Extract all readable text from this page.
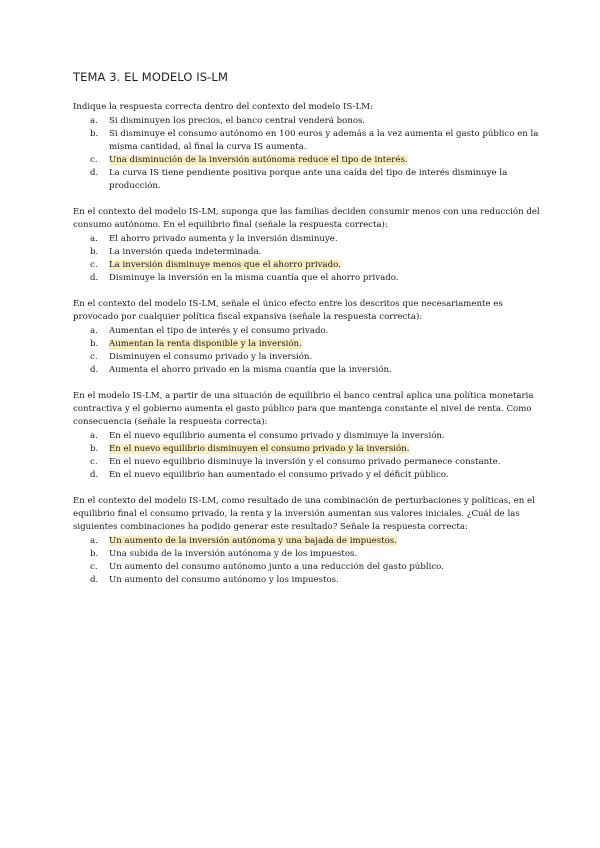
TEMA 3. EL MODELO IS-LM

Indique la respuesta correcta dentro del contexto del modelo IS-LM:

a. Si disminuyen los precios, el banco central venderá bonos.
b. Si disminuye el consumo autónomo en 100 euros y además a la vez aumenta el gasto público en la misma cantidad, al final la curva IS aumenta.
c. Una disminución de la inversión autónoma reduce el tipo de interés.
d. La curva IS tiene pendiente positiva porque ante una caída del tipo de interés disminuye la producción.

En el contexto del modelo IS-LM, suponga que las familias deciden consumir menos con una reducción del consumo autónomo. En el equilibrio final (señale la respuesta correcta):

a. El ahorro privado aumenta y la inversión disminuye.
b. La inversión queda indeterminada.
c. La inversión disminuye menos que el ahorro privado.
d. Disminuye la inversión en la misma cuantía que el ahorro privado.

En el contexto del modelo IS-LM, señale el único efecto entre los descritos que necesariamente es provocado por cualquier política fiscal expansiva (señale la respuesta correcta):

a. Aumentan el tipo de interés y el consumo privado.
b. Aumentan la renta disponible y la inversión.
c. Disminuyen el consumo privado y la inversión.
d. Aumenta el ahorro privado en la misma cuantía que la inversión.

En el modelo IS-LM, a partir de una situación de equilibrio el banco central aplica una política monetaria contractiva y el gobierno aumenta el gasto público para que mantenga constante el nivel de renta. Como consecuencia (señale la respuesta correcta):

a. En el nuevo equilibrio aumenta el consumo privado y disminuye la inversión.
b. En el nuevo equilibrio disminuyen el consumo privado y la inversión.
c. En el nuevo equilibrio disminuye la inversión y el consumo privado permanece constante.
d. En el nuevo equilibrio han aumentado el consumo privado y el déficit público.

En el contexto del modelo IS-LM, como resultado de una combinación de perturbaciones y políticas, en el equilibrio final el consumo privado, la renta y la inversión aumentan sus valores iniciales. ¿Cuál de las siguientes combinaciones ha podido generar este resultado? Señale la respuesta correcta:

a. Un aumento de la inversión autónoma y una bajada de impuestos.
b. Una subida de la inversión autónoma y de los impuestos.
c. Un aumento del consumo autónomo junto a una reducción del gasto público.
d. Un aumento del consumo autónomo y los impuestos.
